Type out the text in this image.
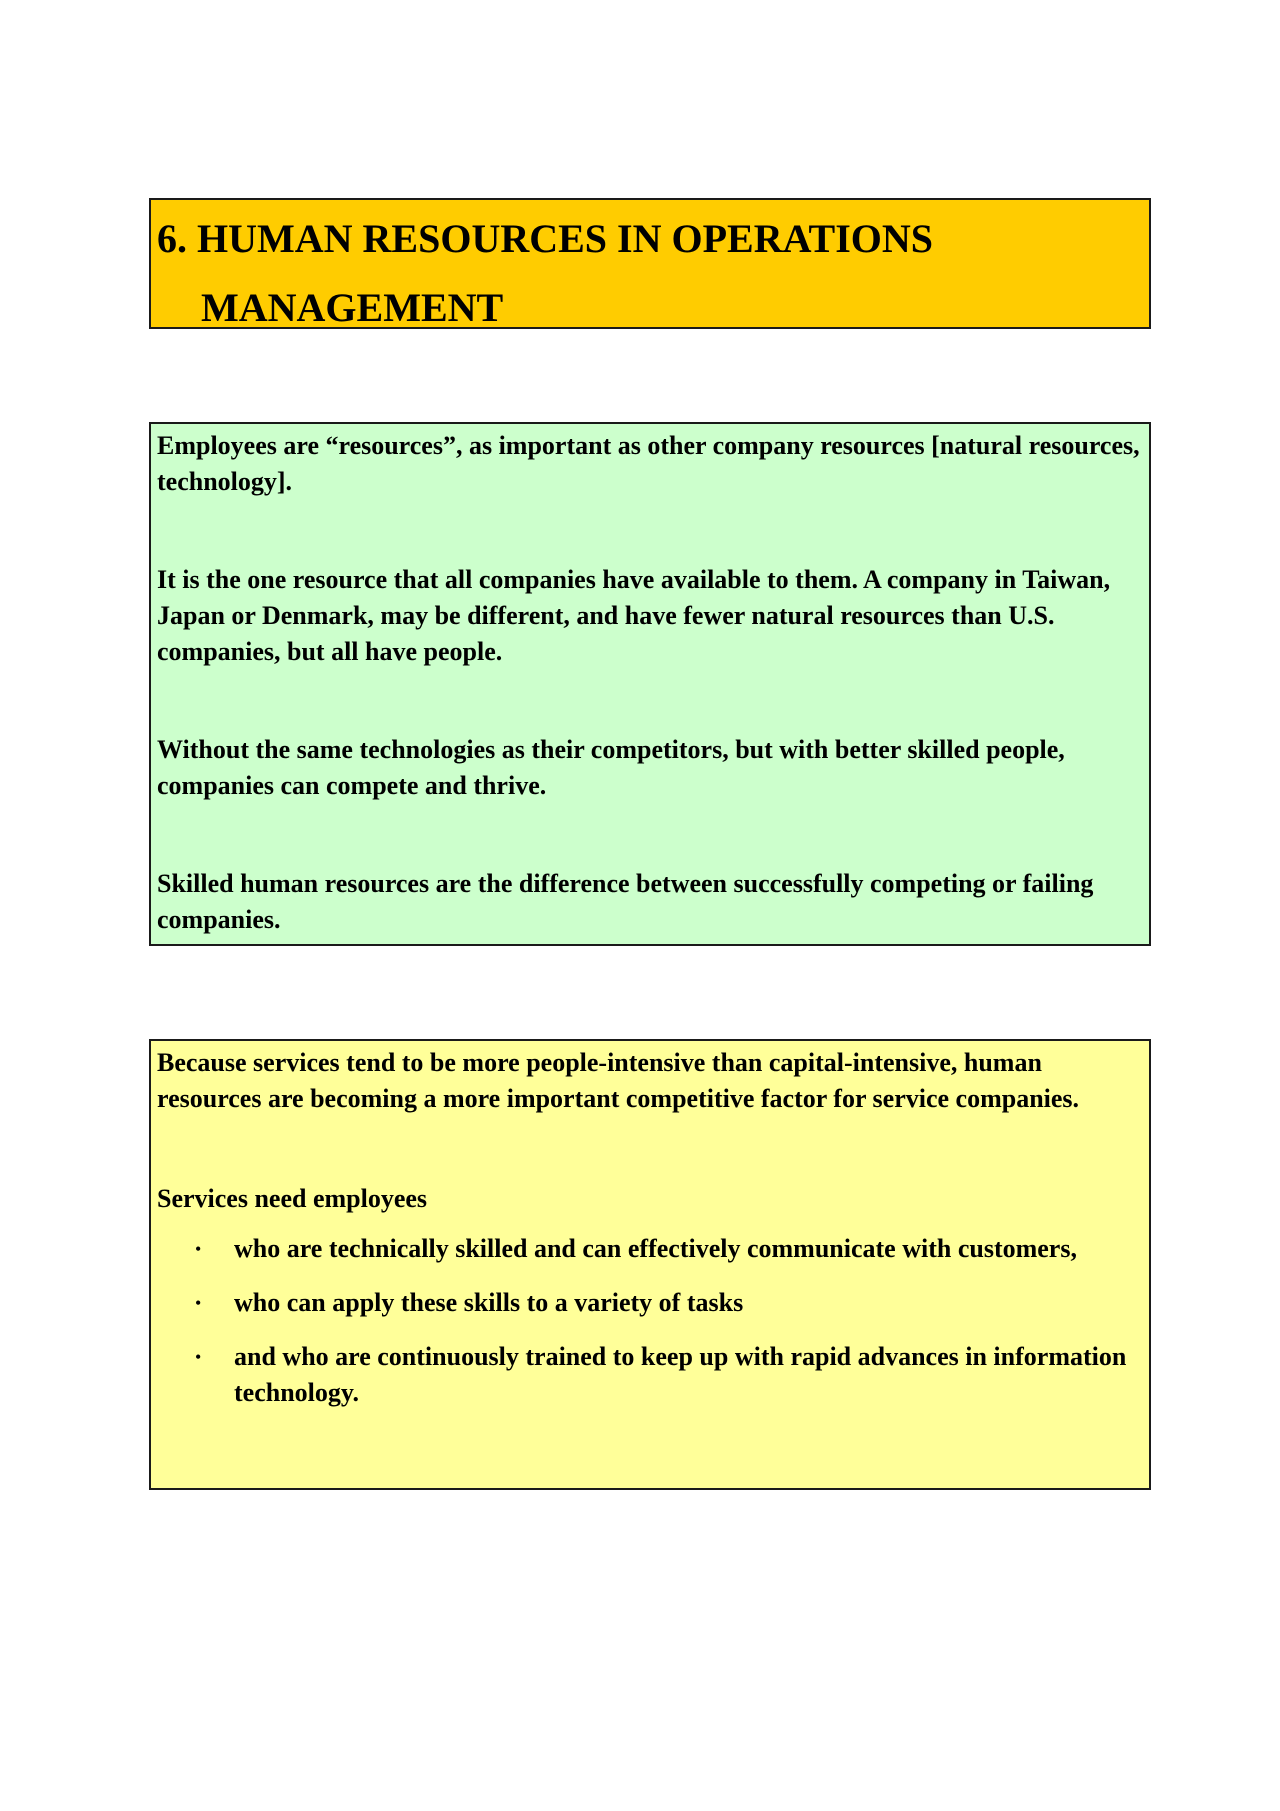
6. HUMAN RESOURCES IN OPERATIONS
MANAGEMENT

Employees are “resources”, as important as other company resources [natural resources, technology].

It is the one resource that all companies have available to them. A company in Taiwan, Japan or Denmark, may be different, and have fewer natural resources than U.S. companies, but all have people.

Without the same technologies as their competitors, but with better skilled people, companies can compete and thrive.

Skilled human resources are the difference between successfully competing or failing companies.

Because services tend to be more people-intensive than capital-intensive, human resources are becoming a more important competitive factor for service companies.

Services need employees

• who are technically skilled and can effectively communicate with customers,
• who can apply these skills to a variety of tasks
• and who are continuously trained to keep up with rapid advances in information technology.
